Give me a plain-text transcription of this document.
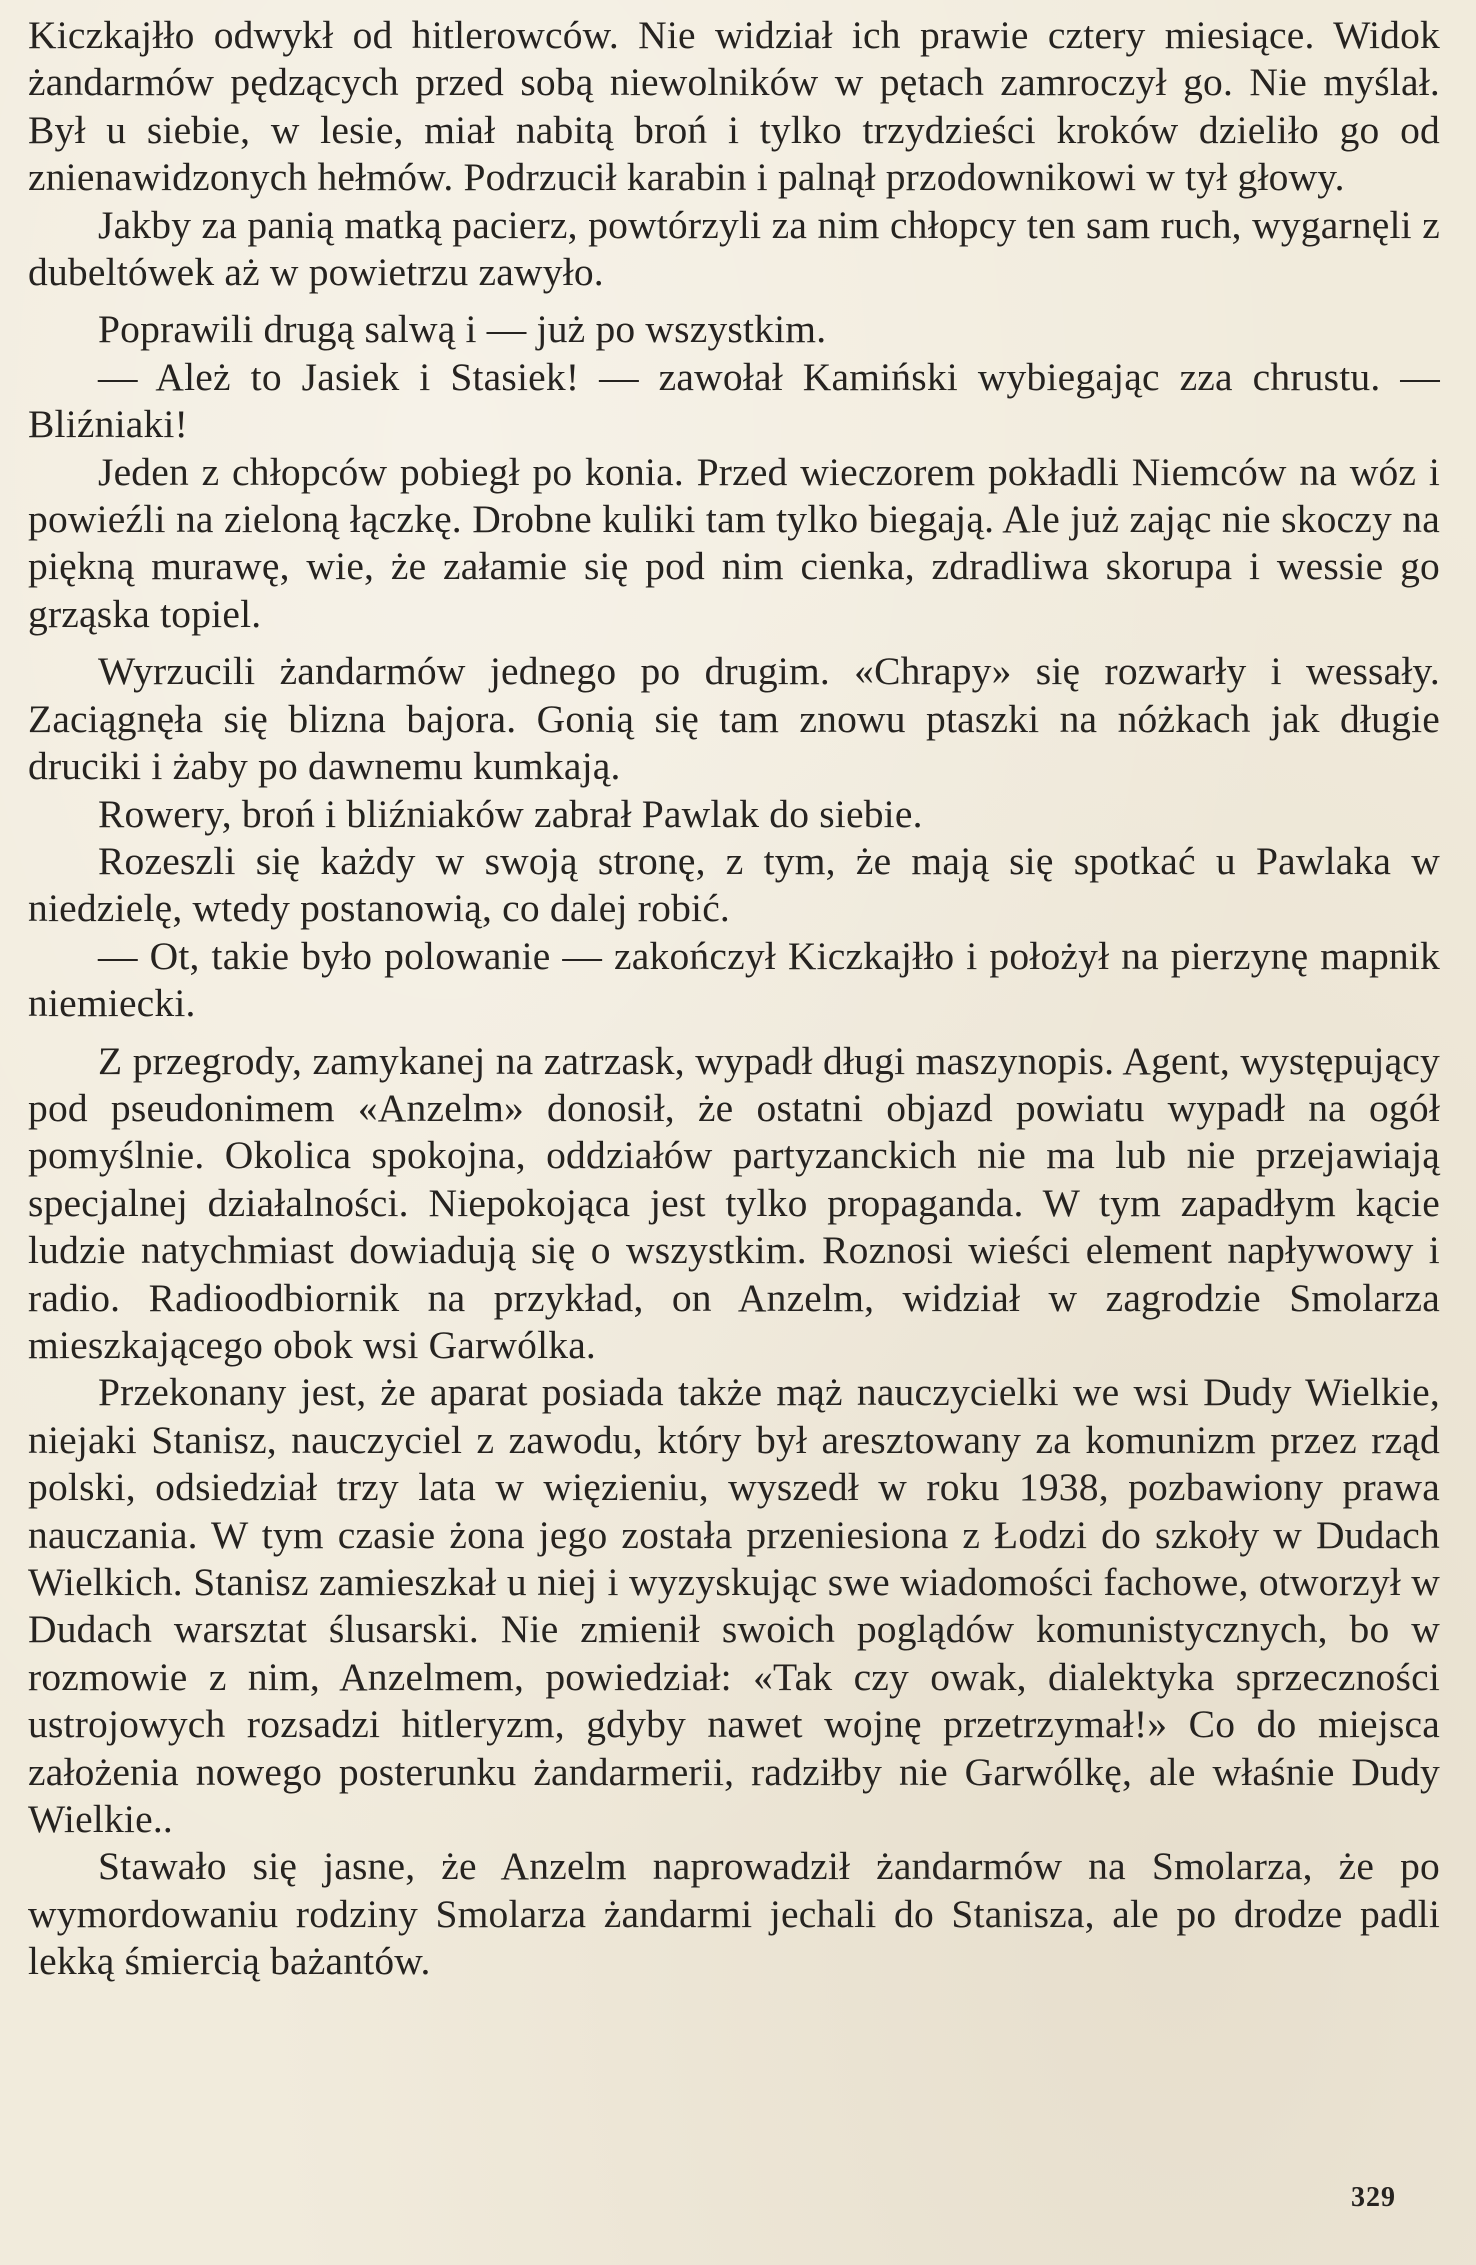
Kiczkajłło odwykł od hitlerowców. Nie widział ich prawie cztery miesiące. Widok żandarmów pędzących przed sobą niewolników w pętach zamroczył go. Nie myślał. Był u siebie, w lesie, miał nabitą broń i tylko trzydzieści kroków dzieliło go od znienawidzonych hełmów. Podrzucił karabin i palnął przodownikowi w tył głowy.

Jakby za panią matką pacierz, powtórzyli za nim chłopcy ten sam ruch, wygarnęli z dubeltówek aż w powietrzu zawyło.

Poprawili drugą salwą i — już po wszystkim.

— Ależ to Jasiek i Stasiek! — zawołał Kamiński wybiegając zza chrustu. — Bliźniaki!

Jeden z chłopców pobiegł po konia. Przed wieczorem pokładli Niemców na wóz i powieźli na zieloną łączkę. Drobne kuliki tam tylko biegają. Ale już zając nie skoczy na piękną murawę, wie, że załamie się pod nim cienka, zdradliwa skorupa i wessie go grząska topiel.

Wyrzucili żandarmów jednego po drugim. «Chrapy» się rozwarły i wessały. Zaciągnęła się blizna bajora. Gonią się tam znowu ptaszki na nóżkach jak długie druciki i żaby po dawnemu kumkają.

Rowery, broń i bliźniaków zabrał Pawlak do siebie.

Rozeszli się każdy w swoją stronę, z tym, że mają się spotkać u Pawlaka w niedzielę, wtedy postanowią, co dalej robić.

— Ot, takie było polowanie — zakończył Kiczkajłło i położył na pierzynę mapnik niemiecki.

Z przegrody, zamykanej na zatrzask, wypadł długi maszynopis. Agent, występujący pod pseudonimem «Anzelm» donosił, że ostatni objazd powiatu wypadł na ogół pomyślnie. Okolica spokojna, oddziałów partyzanckich nie ma lub nie przejawiają specjalnej działalności. Niepokojąca jest tylko propaganda. W tym zapadłym kącie ludzie natychmiast dowiadują się o wszystkim. Roznosi wieści element napływowy i radio. Radioodbiornik na przykład, on Anzelm, widział w zagrodzie Smolarza mieszkającego obok wsi Garwólka.

Przekonany jest, że aparat posiada także mąż nauczycielki we wsi Dudy Wielkie, niejaki Stanisz, nauczyciel z zawodu, który był aresztowany za komunizm przez rząd polski, odsiedział trzy lata w więzieniu, wyszedł w roku 1938, pozbawiony prawa nauczania. W tym czasie żona jego została przeniesiona z Łodzi do szkoły w Dudach Wielkich. Stanisz zamieszkał u niej i wyzyskując swe wiadomości fachowe, otworzył w Dudach warsztat ślusarski. Nie zmienił swoich poglądów komunistycznych, bo w rozmowie z nim, Anzelmem, powiedział: «Tak czy owak, dialektyka sprzeczności ustrojowych rozsadzi hitleryzm, gdyby nawet wojnę przetrzymał!» Co do miejsca założenia nowego posterunku żandarmerii, radziłby nie Garwólkę, ale właśnie Dudy Wielkie..

Stawało się jasne, że Anzelm naprowadził żandarmów na Smolarza, że po wymordowaniu rodziny Smolarza żandarmi jechali do Stanisza, ale po drodze padli lekką śmiercią bażantów.

329
